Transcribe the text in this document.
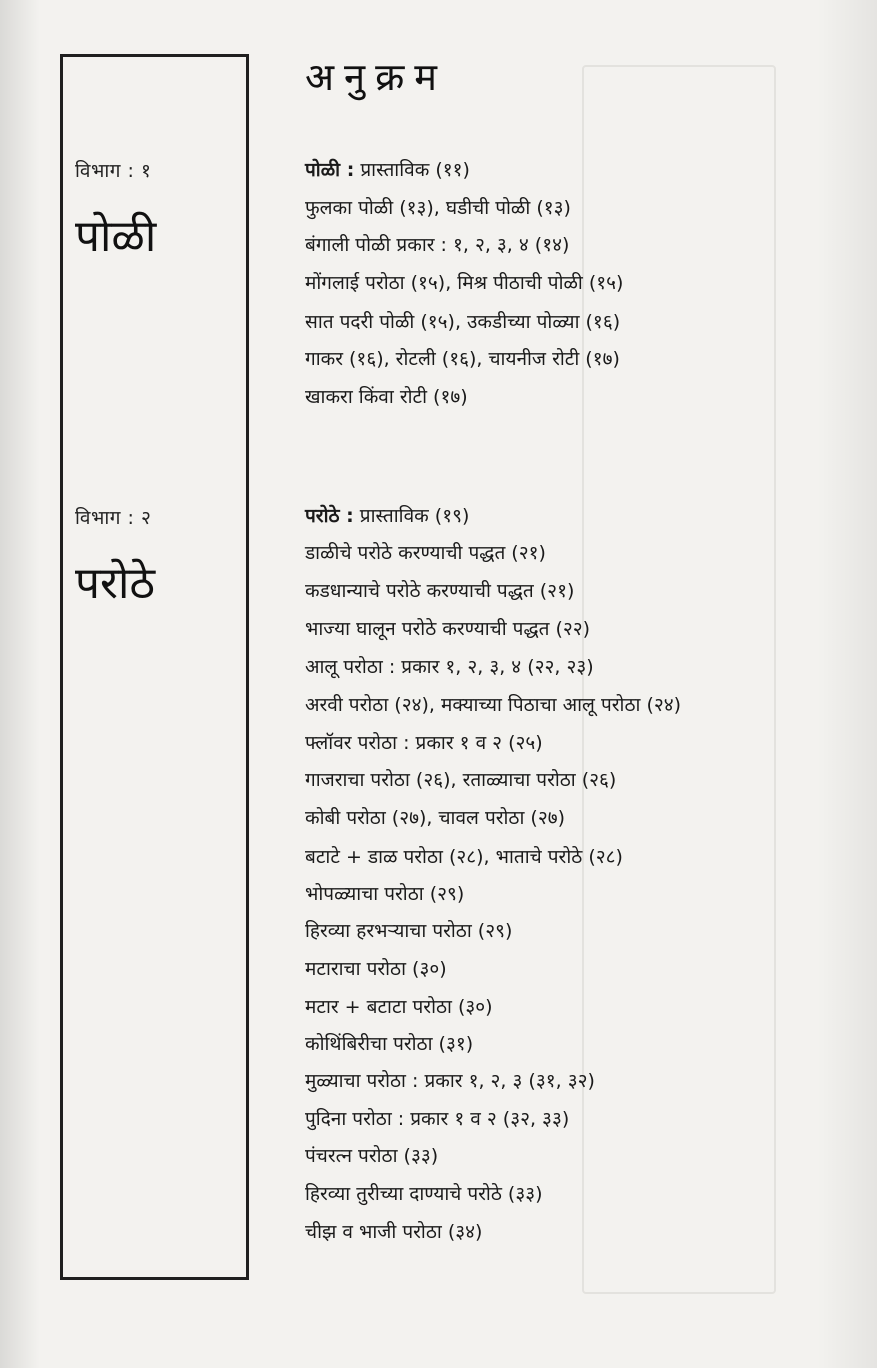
विभाग : १
पोळी
विभाग : २
परोठे
अनुक्रम
पोळी : प्रास्ताविक (११)
फुलका पोळी (१३), घडीची पोळी (१३)
बंगाली पोळी प्रकार : १, २, ३, ४ (१४)
मोंगलाई परोठा (१५), मिश्र पीठाची पोळी (१५)
सात पदरी पोळी (१५), उकडीच्या पोळ्या (१६)
गाकर (१६), रोटली (१६), चायनीज रोटी (१७)
खाकरा किंवा रोटी (१७)
परोठे : प्रास्ताविक (१९)
डाळीचे परोठे करण्याची पद्धत (२१)
कडधान्याचे परोठे करण्याची पद्धत (२१)
भाज्या घालून परोठे करण्याची पद्धत (२२)
आलू परोठा : प्रकार १, २, ३, ४ (२२, २३)
अरवी परोठा (२४), मक्याच्या पिठाचा आलू परोठा (२४)
फ्लॉवर परोठा : प्रकार १ व २ (२५)
गाजराचा परोठा (२६), रताळ्याचा परोठा (२६)
कोबी परोठा (२७), चावल परोठा (२७)
बटाटे + डाळ परोठा (२८), भाताचे परोठे (२८)
भोपळ्याचा परोठा (२९)
हिरव्या हरभऱ्याचा परोठा (२९)
मटाराचा परोठा (३०)
मटार + बटाटा परोठा (३०)
कोथिंबिरीचा परोठा (३१)
मुळ्याचा परोठा : प्रकार १, २, ३ (३१, ३२)
पुदिना परोठा : प्रकार १ व २ (३२, ३३)
पंचरत्न परोठा (३३)
हिरव्या तुरीच्या दाण्याचे परोठे (३३)
चीझ व भाजी परोठा (३४)
